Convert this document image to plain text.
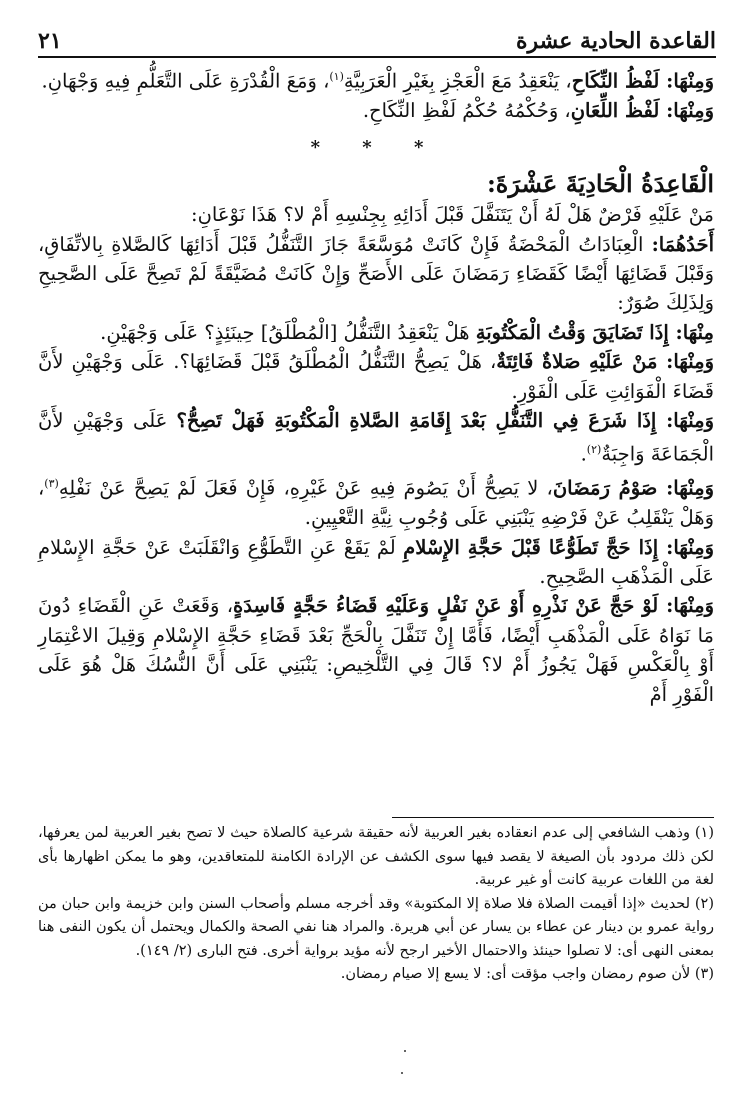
القاعدة الحادية عشرة
٢١

وَمِنْهَا: لَفْظُ النِّكَاحِ، يَنْعَقِدُ مَعَ الْعَجْزِ بِغَيْرِ الْعَرَبِيَّةِ$^{(١)}$، وَمَعَ الْقُدْرَةِ عَلَى التَّعَلُّمِ فِيهِ وَجْهَانِ.

وَمِنْهَا: لَفْظُ اللِّعَانِ، وَحُكْمُهُ حُكْمُ لَفْظِ النِّكَاحِ.

* * *

الْقَاعِدَةُ الْحَادِيَةَ عَشْرَةَ:

مَنْ عَلَيْهِ فَرْضٌ هَلْ لَهُ أَنْ يَتَنَفَّلَ قَبْلَ أَدَائِهِ بِجِنْسِهِ أَمْ لا؟ هَذَا نَوْعَانِ:

أَحَدُهُمَا: الْعِبَادَاتُ الْمَحْضَةُ فَإِنْ كَانَتْ مُوَسَّعَةً جَازَ التَّنَفُّلُ قَبْلَ أَدَائِهَا كَالصَّلاةِ بِالاتِّفَاقِ، وَقَبْلَ قَضَائِهَا أَيْضًا كَقَضَاءِ رَمَضَانَ عَلَى الأَصَحِّ وَإِنْ كَانَتْ مُضَيَّقَةً لَمْ تَصِحَّ عَلَى الصَّحِيحِ وَلِذَلِكَ صُوَرٌ:

مِنْهَا: إِذَا تَضَايَقَ وَقْتُ الْمَكْتُوبَةِ هَلْ يَنْعَقِدُ التَّنَفُّلُ [الْمُطْلَقُ] حِينَئِذٍ؟ عَلَى وَجْهَيْنِ.

وَمِنْهَا: مَنْ عَلَيْهِ صَلاةٌ فَائِتَةٌ، هَلْ يَصِحُّ التَّنَفُّلُ الْمُطْلَقُ قَبْلَ قَضَائِهَا؟. عَلَى وَجْهَيْنِ لأَنَّ قَضَاءَ الْفَوَائِتِ عَلَى الْفَوْرِ.

وَمِنْهَا: إِذَا شَرَعَ فِي التَّنَفُّلِ بَعْدَ إِقَامَةِ الصَّلاةِ الْمَكْتُوبَةِ فَهَلْ تَصِحُّ؟ عَلَى وَجْهَيْنِ لأَنَّ الْجَمَاعَةَ وَاجِبَةٌ$^{(٢)}$.

وَمِنْهَا: صَوْمُ رَمَضَانَ، لا يَصِحُّ أَنْ يَصُومَ فِيهِ عَنْ غَيْرِهِ، فَإِنْ فَعَلَ لَمْ يَصِحَّ عَنْ نَفْلِهِ$^{(٣)}$، وَهَلْ يَنْقَلِبُ عَنْ فَرْضِهِ يَنْبَنِي عَلَى وُجُوبِ نِيَّةِ التَّعْيِينِ.

وَمِنْهَا: إِذَا حَجَّ تَطَوُّعًا قَبْلَ حَجَّةِ الإِسْلامِ لَمْ يَقَعْ عَنِ التَّطَوُّعِ وَانْقَلَبَتْ عَنْ حَجَّةِ الإِسْلامِ عَلَى الْمَذْهَبِ الصَّحِيحِ.

وَمِنْهَا: لَوْ حَجَّ عَنْ نَذْرِهِ أَوْ عَنْ نَفْلٍ وَعَلَيْهِ قَضَاءُ حَجَّةٍ فَاسِدَةٍ، وَقَعَتْ عَنِ الْقَضَاءِ دُونَ مَا نَوَاهُ عَلَى الْمَذْهَبِ أَيْضًا، فَأَمَّا إِنْ تَنَفَّلَ بِالْحَجِّ بَعْدَ قَضَاءِ حَجَّةِ الإِسْلامِ وَقِيلَ الاعْتِمَارِ أَوْ بِالْعَكْسِ فَهَلْ يَجُوزُ أَمْ لا؟ قَالَ فِي التَّلْخِيصِ: يَنْبَنِي عَلَى أَنَّ النُّسُكَ هَلْ هُوَ عَلَى الْفَوْرِ أَمْ

(١) وذهب الشافعي إلى عدم انعقاده بغير العربية لأنه حقيقة شرعية كالصلاة حيث لا تصح بغير العربية لمن يعرفها، لكن ذلك مردود بأن الصيغة لا يقصد فيها سوى الكشف عن الإرادة الكامنة للمتعاقدين، وهو ما يمكن اظهارها بأى لغة من اللغات عربية كانت أو غير عربية.

(٢) لحديث «إذا أقيمت الصلاة فلا صلاة إلا المكتوبة» وقد أخرجه مسلم وأصحاب السنن وابن خزيمة وابن حبان من رواية عمرو بن دينار عن عطاء بن يسار عن أبي هريرة. والمراد هنا نفي الصحة والكمال ويحتمل أن يكون النفى هنا بمعنى النهى أى: لا تصلوا حينئذ والاحتمال الأخير ارجح لأنه مؤيد برواية أخرى. فتح البارى (٢/ ١٤٩).

(٣) لأن صوم رمضان واجب مؤقت أى: لا يسع إلا صيام رمضان.
